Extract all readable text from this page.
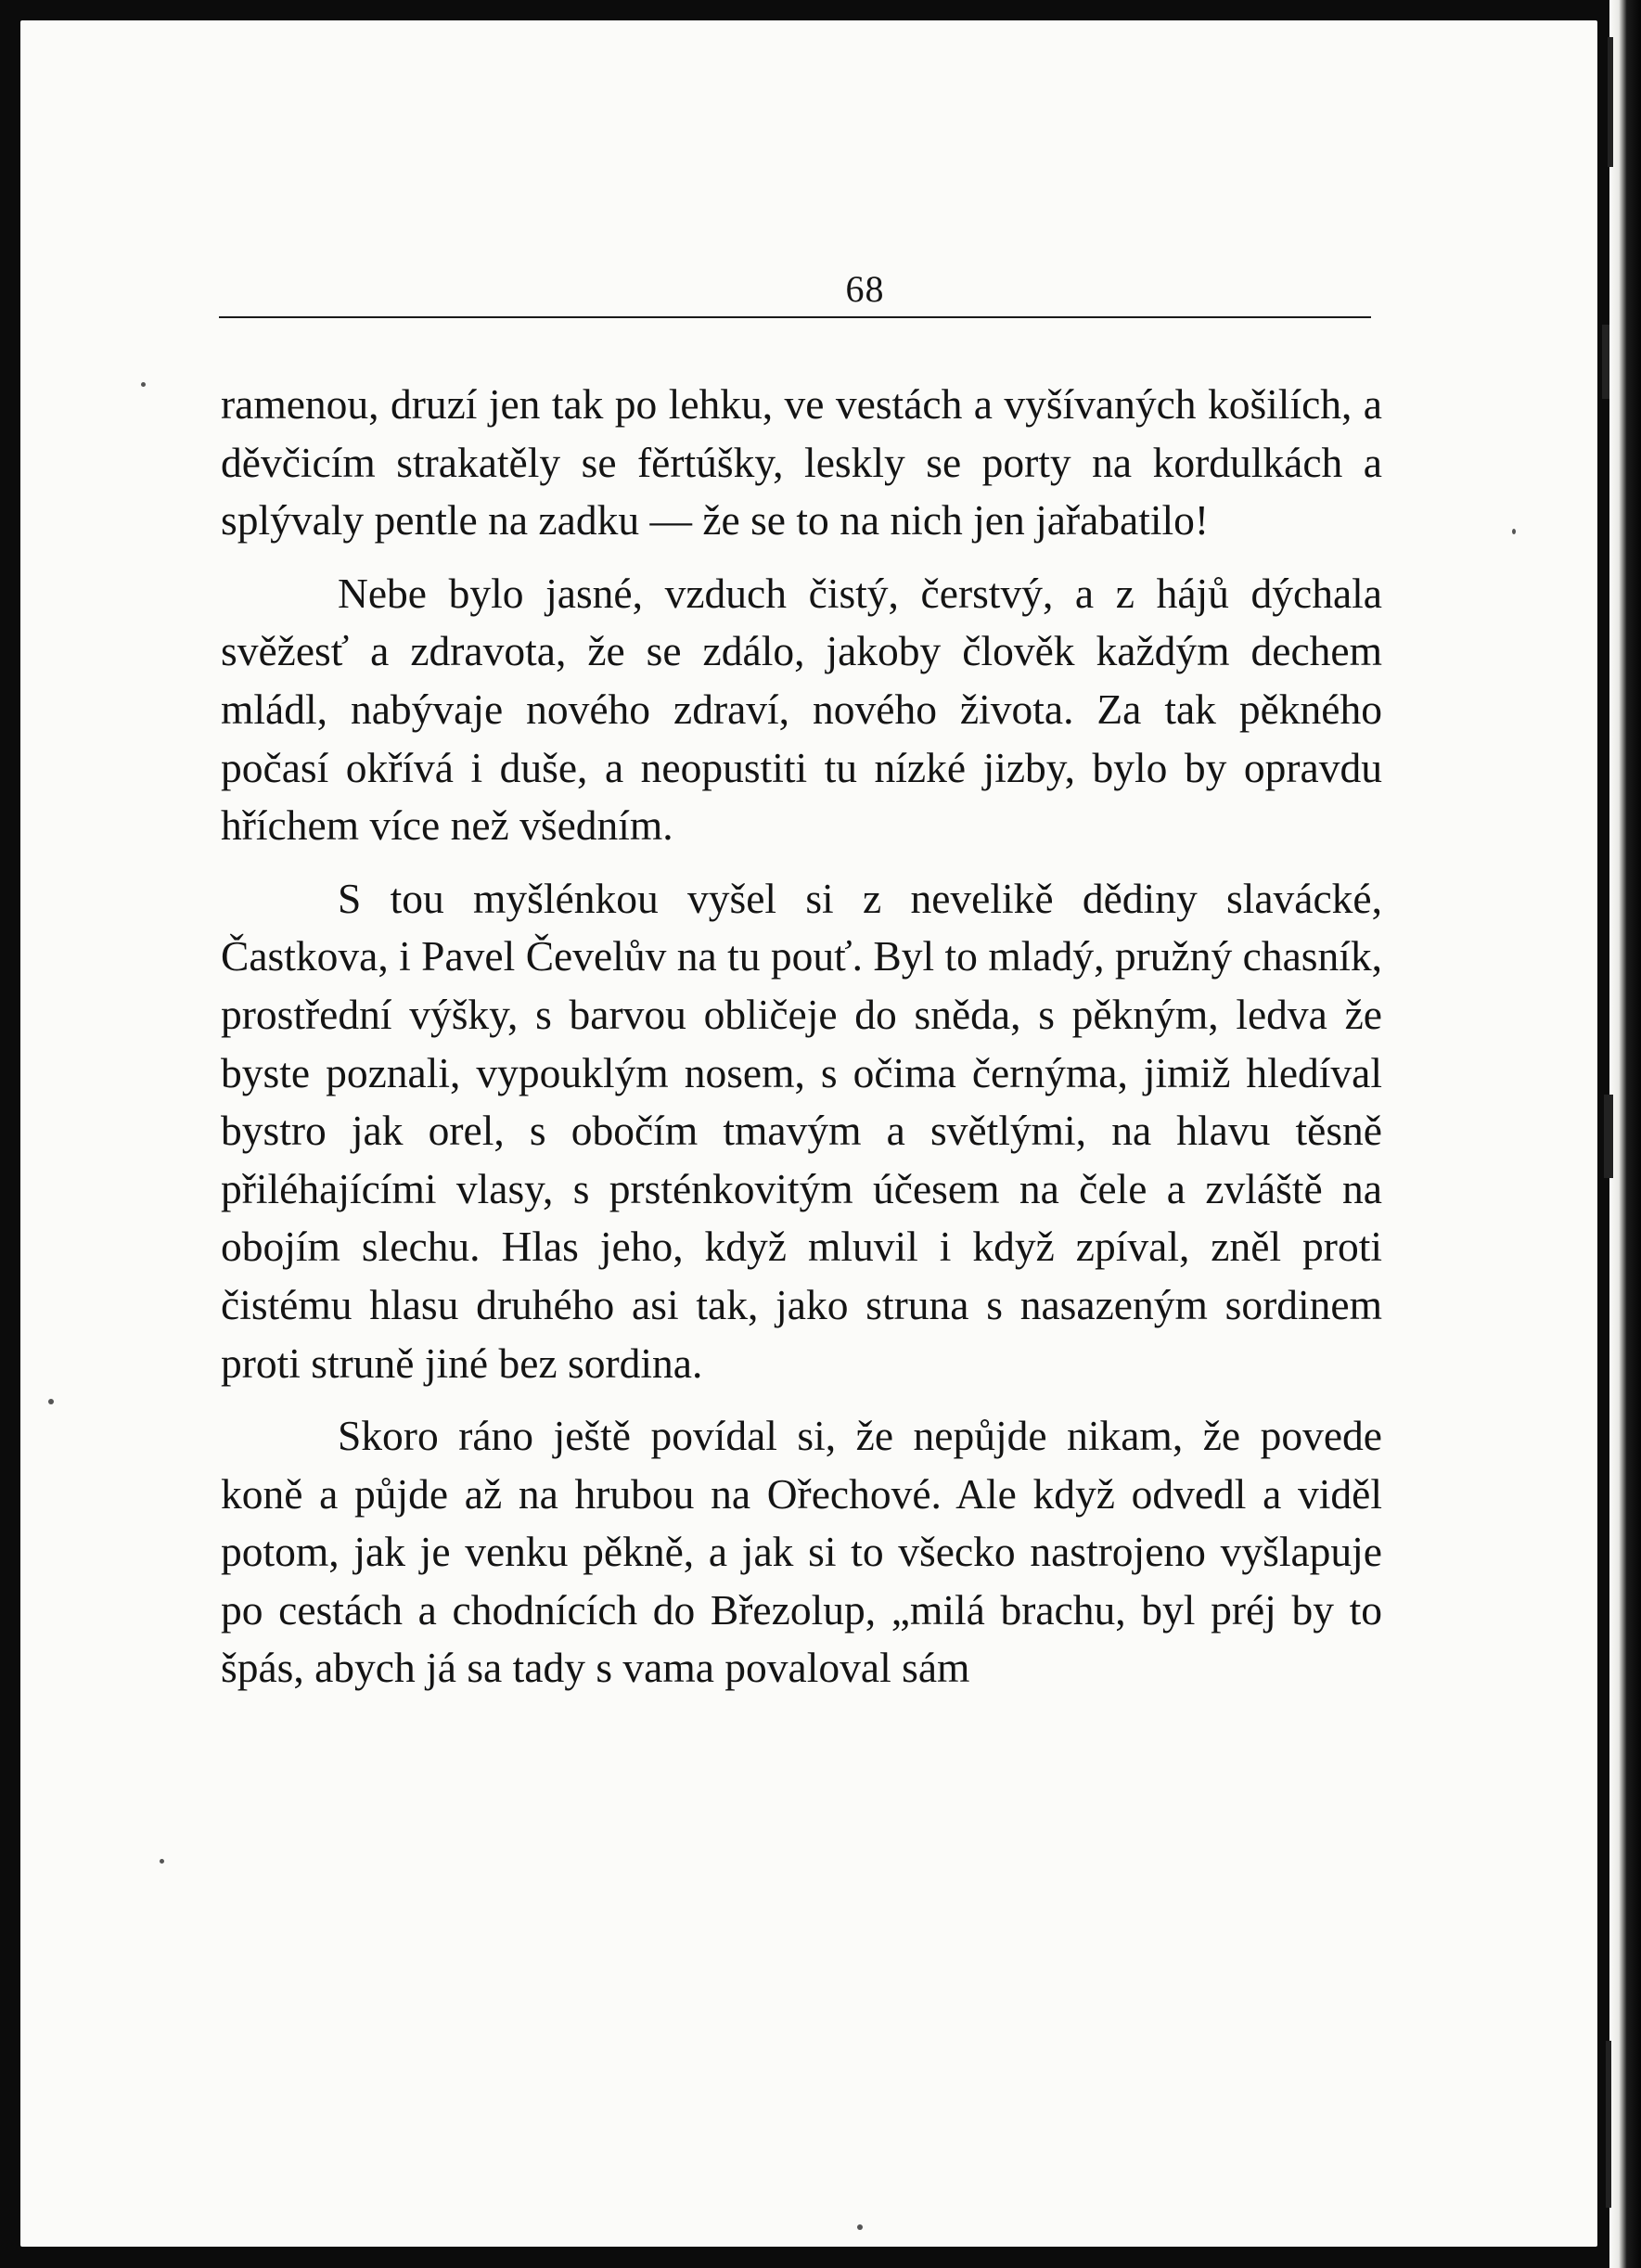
68

ramenou, druzí jen tak po lehku, ve vestách a vyšívaných košilích, a děvčicím strakatěly se fěrtúšky, leskly se porty na kordulkách a splývaly pentle na zadku — že se to na nich jen jařabatilo!

Nebe bylo jasné, vzduch čistý, čerstvý, a z hájů dýchala svěžesť a zdravota, že se zdálo, jakoby člověk každým dechem mládl, nabývaje nového zdraví, nového života. Za tak pěkného počasí okřívá i duše, a neopustiti tu nízké jizby, bylo by opravdu hříchem více než všedním.

S tou myšlénkou vyšel si z nevelikě dědiny slavácké, Častkova, i Pavel Čevelův na tu pouť. Byl to mladý, pružný chasník, prostřední výšky, s barvou obličeje do sněda, s pěkným, ledva že byste poznali, vypouklým nosem, s očima černýma, jimiž hledíval bystro jak orel, s obočím tmavým a světlými, na hlavu těsně přiléhajícími vlasy, s prsténkovitým účesem na čele a zvláště na obojím slechu. Hlas jeho, když mluvil i když zpíval, zněl proti čistému hlasu druhého asi tak, jako struna s nasazeným sordinem proti struně jiné bez sordina.

Skoro ráno ještě povídal si, že nepůjde nikam, že povede koně a půjde až na hrubou na Ořechové. Ale když odvedl a viděl potom, jak je venku pěkně, a jak si to všecko nastrojeno vyšlapuje po cestách a chodnících do Březolup, „milá brachu, byl préj by to špás, abych já sa tady s vama povaloval sám
